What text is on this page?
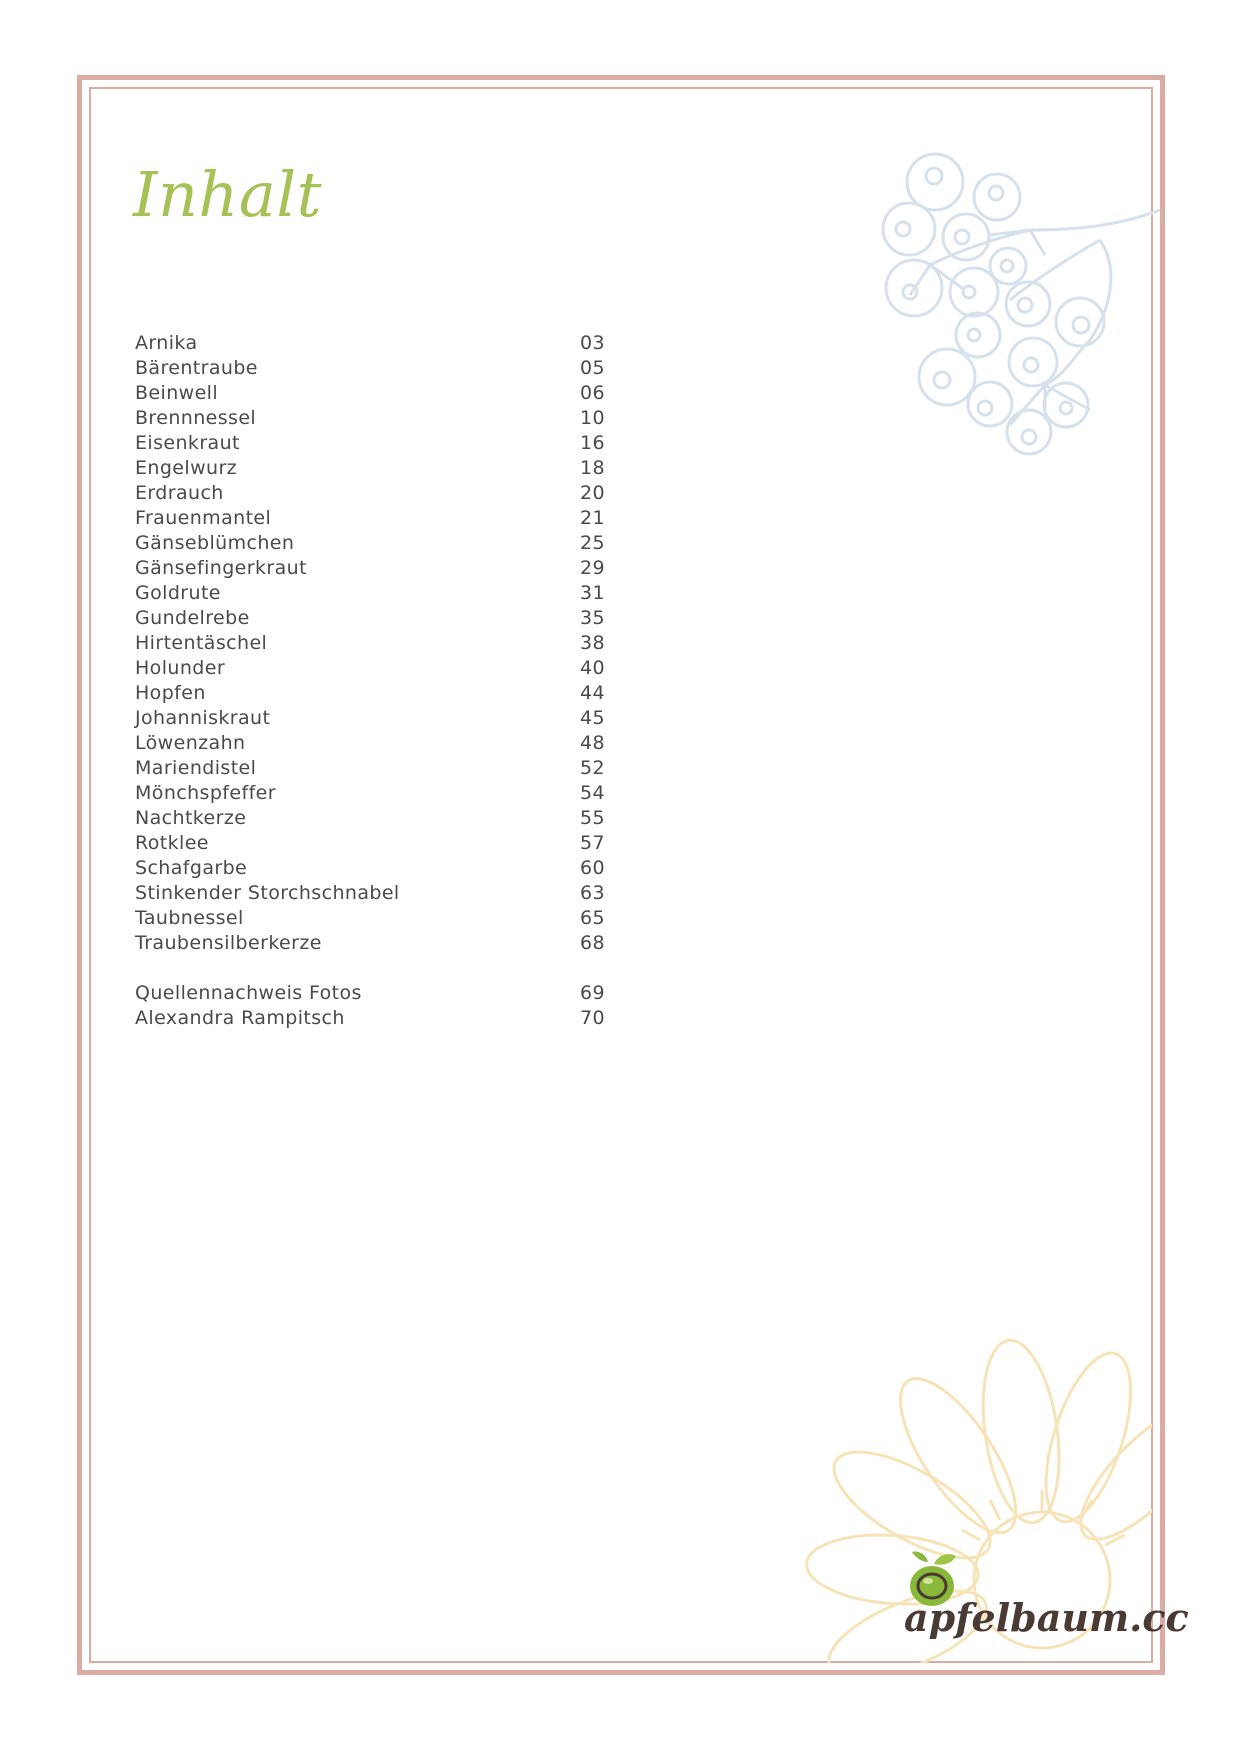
Inhalt
Arnika	03
Bärentraube	05
Beinwell	06
Brennnessel	10
Eisenkraut	16
Engelwurz	18
Erdrauch	20
Frauenmantel	21
Gänseblümchen	25
Gänsefingerkraut	29
Goldrute	31
Gundelrebe	35
Hirtentäschel	38
Holunder	40
Hopfen	44
Johanniskraut	45
Löwenzahn	48
Mariendistel	52
Mönchspfeffer	54
Nachtkerze	55
Rotklee	57
Schafgarbe	60
Stinkender Storchschnabel	63
Taubnessel	65
Traubensilberkerze	68
Quellennachweis Fotos	69
Alexandra Rampitsch	70
apfelbaum.cc
